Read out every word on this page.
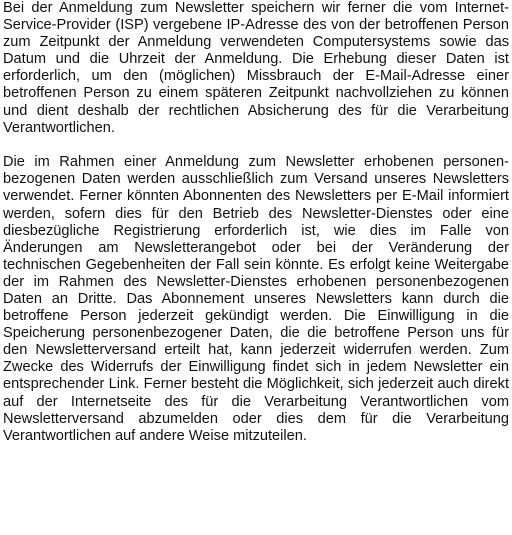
Bei der Anmeldung zum Newsletter speichern wir ferner die vom Internet-Service-Provider (ISP) vergebene IP-Adresse des von der betroffenen Person zum Zeitpunkt der Anmeldung verwendeten Computersystems sowie das Datum und die Uhrzeit der Anmeldung. Die Erhebung dieser Daten ist erforderlich, um den (möglichen) Missbrauch der E-Mail-Adresse einer betroffenen Person zu einem späteren Zeitpunkt nachvollziehen zu können und dient deshalb der rechtlichen Absicherung des für die Verarbeitung Verantwortlichen.

Die im Rahmen einer Anmeldung zum Newsletter erhobenen personenbezogenen Daten werden ausschließlich zum Versand unseres Newsletters verwendet. Ferner könnten Abonnenten des Newsletters per E-Mail informiert werden, sofern dies für den Betrieb des Newsletter-Dienstes oder eine diesbezügliche Registrierung erforderlich ist, wie dies im Falle von Änderungen am Newsletterangebot oder bei der Veränderung der technischen Gegebenheiten der Fall sein könnte. Es erfolgt keine Weitergabe der im Rahmen des Newsletter-Dienstes erhobenen personenbezogenen Daten an Dritte. Das Abonnement unseres Newsletters kann durch die betroffene Person jederzeit gekündigt werden. Die Einwilligung in die Speicherung personenbezogener Daten, die die betroffene Person uns für den Newsletterversand erteilt hat, kann jederzeit widerrufen werden. Zum Zwecke des Widerrufs der Einwilligung findet sich in jedem Newsletter ein entsprechender Link. Ferner besteht die Möglichkeit, sich jederzeit auch direkt auf der Internetseite des für die Verarbeitung Verantwortlichen vom Newsletterversand abzumelden oder dies dem für die Verarbeitung Verantwortlichen auf andere Weise mitzuteilen.
